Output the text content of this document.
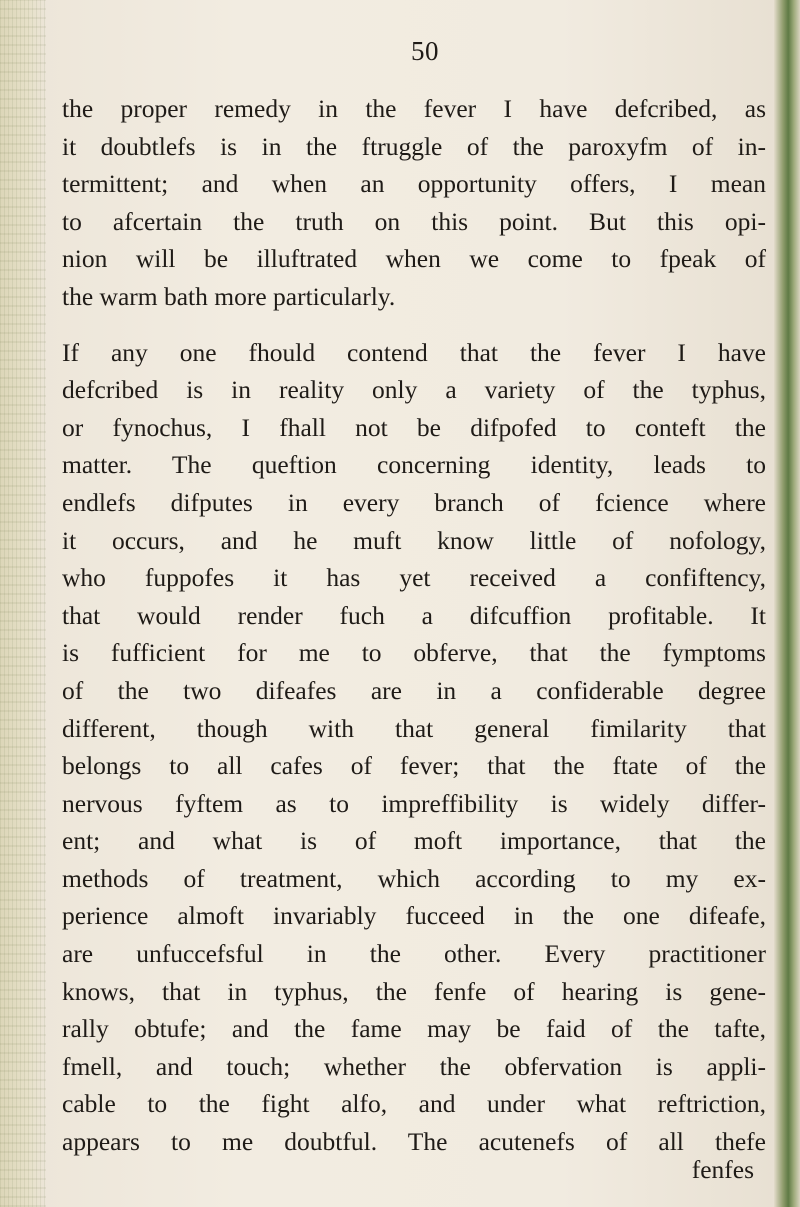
50
the proper remedy in the fever I have defcribed, as
it doubtlefs is in the ftruggle of the paroxyfm of in-
termittent; and when an opportunity offers, I mean
to afcertain the truth on this point. But this opi-
nion will be illuftrated when we come to fpeak of
the warm bath more particularly.
If any one fhould contend that the fever I have
defcribed is in reality only a variety of the typhus,
or fynochus, I fhall not be difpofed to conteft the
matter. The queftion concerning identity, leads to
endlefs difputes in every branch of fcience where
it occurs, and he muft know little of nofology,
who fuppofes it has yet received a confiftency,
that would render fuch a difcuffion profitable. It
is fufficient for me to obferve, that the fymptoms
of the two difeafes are in a confiderable degree
different, though with that general fimilarity that
belongs to all cafes of fever; that the ftate of the
nervous fyftem as to impreffibility is widely differ-
ent; and what is of moft importance, that the
methods of treatment, which according to my ex-
perience almoft invariably fucceed in the one difeafe,
are unfuccefsful in the other. Every practitioner
knows, that in typhus, the fenfe of hearing is gene-
rally obtufe; and the fame may be faid of the tafte,
fmell, and touch; whether the obfervation is appli-
cable to the fight alfo, and under what reftriction,
appears to me doubtful. The acutenefs of all thefe
fenfes
